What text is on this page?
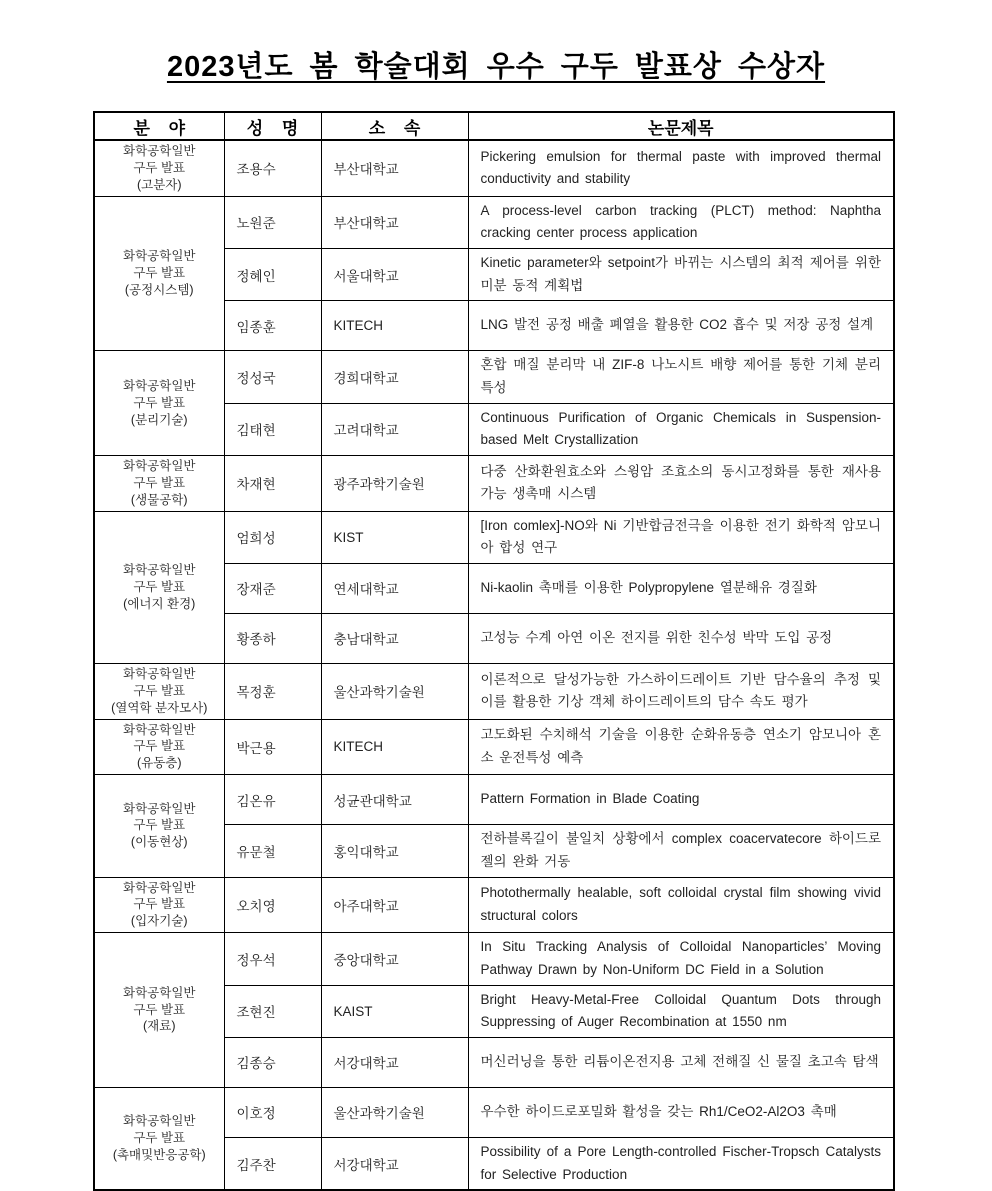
2023년도 봄 학술대회 우수 구두 발표상 수상자
분 야	성 명	소 속	논문제목

화학공학일반
구두 발표
(고분자)	조용수	부산대학교	Pickering emulsion for thermal paste with improved thermal conductivity and stability

화학공학일반
구두 발표
(공정시스템)	노원준	부산대학교	A process-level carbon tracking (PLCT) method: Naphtha cracking center process application
	정혜인	서울대학교	Kinetic parameter와 setpoint가 바뀌는 시스템의 최적 제어를 위한 미분 동적 계획법
	임종훈	KITECH	LNG 발전 공정 배출 폐열을 활용한 CO2 흡수 및 저장 공정 설계

화학공학일반
구두 발표
(분리기술)	정성국	경희대학교	혼합 매질 분리막 내 ZIF-8 나노시트 배향 제어를 통한 기체 분리 특성
	김태현	고려대학교	Continuous Purification of Organic Chemicals in Suspension-based Melt Crystallization

화학공학일반
구두 발표
(생물공학)	차재현	광주과학기술원	다중 산화환원효소와 스윙암 조효소의 동시고정화를 통한 재사용 가능 생촉매 시스템

화학공학일반
구두 발표
(에너지 환경)	엄희성	KIST	[Iron comlex]-NO와 Ni 기반합금전극을 이용한 전기 화학적 암모니아 합성 연구
	장재준	연세대학교	Ni-kaolin 촉매를 이용한 Polypropylene 열분해유 경질화
	황종하	충남대학교	고성능 수계 아연 이온 전지를 위한 친수성 박막 도입 공정

화학공학일반
구두 발표
(열역학 분자모사)	목정훈	울산과학기술원	이론적으로 달성가능한 가스하이드레이트 기반 담수율의 추정 및 이를 활용한 기상 객체 하이드레이트의 담수 속도 평가

화학공학일반
구두 발표
(유동층)	박근용	KITECH	고도화된 수치해석 기술을 이용한 순화유동층 연소기 암모니아 혼소 운전특성 예측

화학공학일반
구두 발표
(이동현상)	김온유	성균관대학교	Pattern Formation in Blade Coating
	유문철	홍익대학교	전하블록길이 불일치 상황에서 complex coacervatecore 하이드로젤의 완화 거동

화학공학일반
구두 발표
(입자기술)	오치영	아주대학교	Photothermally healable, soft colloidal crystal film showing vivid structural colors

화학공학일반
구두 발표
(재료)	정우석	중앙대학교	In Situ Tracking Analysis of Colloidal Nanoparticles’ Moving Pathway Drawn by Non-Uniform DC Field in a Solution
	조현진	KAIST	Bright Heavy-Metal-Free Colloidal Quantum Dots through Suppressing of Auger Recombination at 1550 nm
	김종승	서강대학교	머신러닝을 통한 리튬이온전지용 고체 전해질 신 물질 초고속 탐색

화학공학일반
구두 발표
(촉매및반응공학)	이호정	울산과학기술원	우수한 하이드로포밀화 활성을 갖는 Rh1/CeO2-Al2O3 촉매
	김주찬	서강대학교	Possibility of a Pore Length-controlled Fischer-Tropsch Catalysts for Selective Production
